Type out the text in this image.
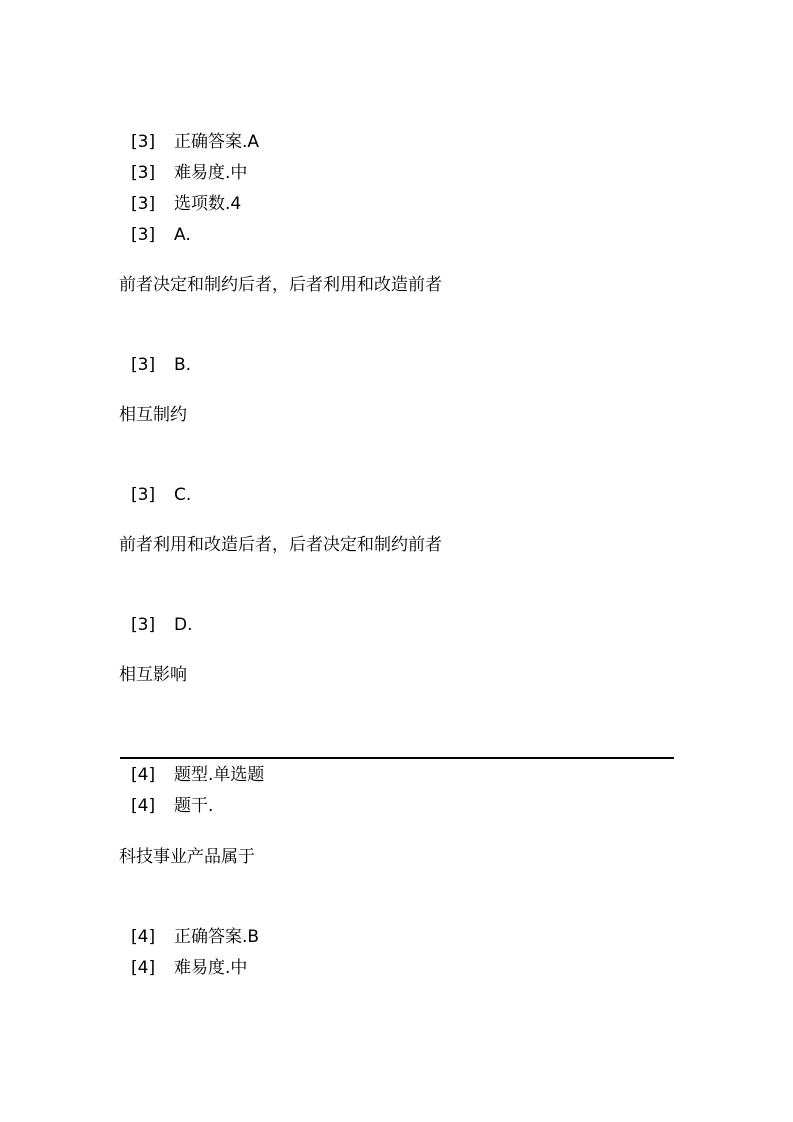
[3] 正确答案.A
[3] 难易度.中
[3] 选项数.4
[3] A.
前者决定和制约后者，后者利用和改造前者
[3] B.
相互制约
[3] C.
前者利用和改造后者，后者决定和制约前者
[3] D.
相互影响
[4] 题型.单选题
[4] 题干.
科技事业产品属于
[4] 正确答案.B
[4] 难易度.中
